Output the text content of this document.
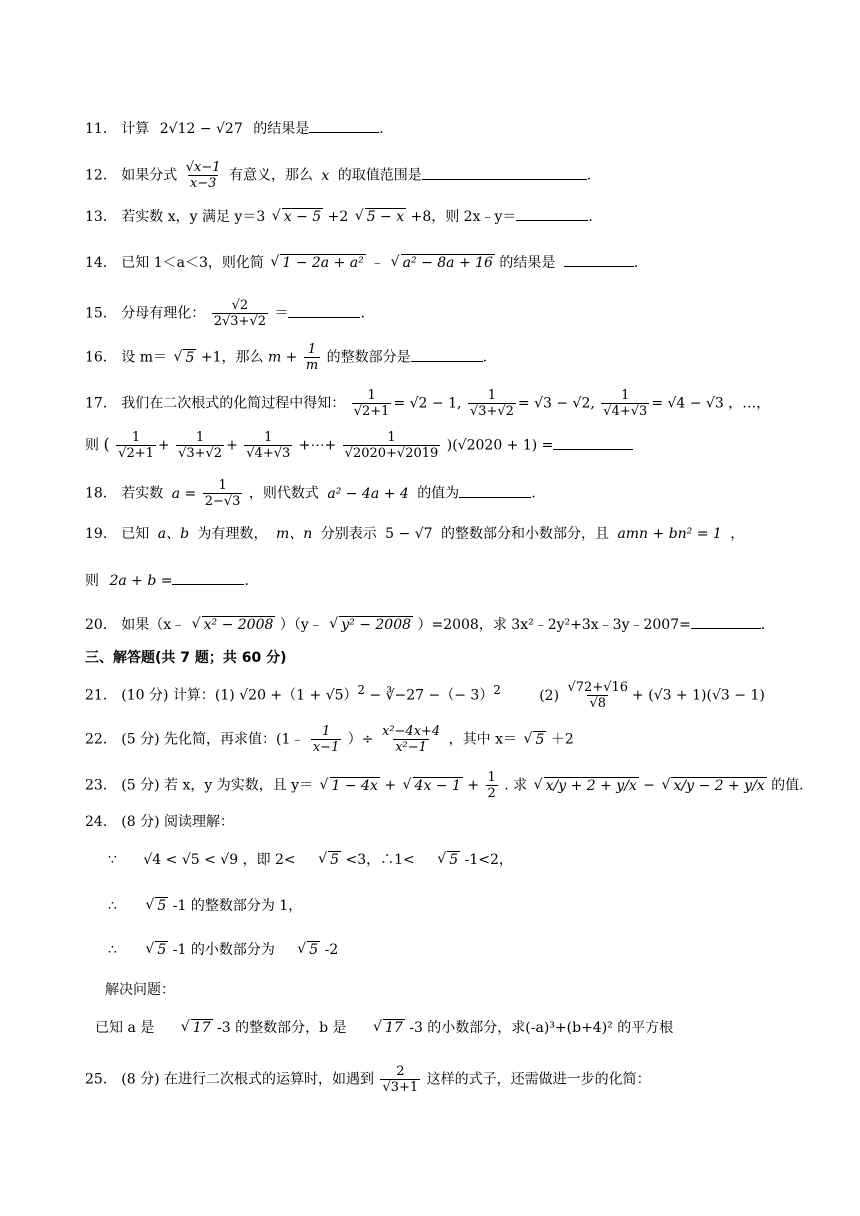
11． 计算 2√12 − √27 的结果是	.
12． 如果分式 $\frac{√x-1}{x-3}$ 有意义，那么 x 的取值范围是	.
13． 若实数 x，y 满足 y＝3 √ x − 5 +2 √ 5 − x +8，则 2x﹣y＝	.
14． 已知 1＜a＜3，则化简 √ 1 − 2a + a² ﹣ √ a² − 8a + 16 的结果是	.
15． 分母有理化： $\frac{√2}{2√3+√2}$ ＝	.
16． 设 m＝ √ 5 +1，那么 $m + \frac{1}{m}$ 的整数部分是	.
17． 我们在二次根式的化简过程中得知： $\frac{1}{√2+1} = √2 - 1$, $\frac{1}{√3+√2} = √3 - √2$, $\frac{1}{√4+√3} = √4 - √3$ ，…，
则 ( $\frac{1}{√2+1} + \frac{1}{√3+√2} + \frac{1}{√4+√3}$ +⋯+ $\frac{1}{√2020+√2019} )(√2020 + 1)$ =
18． 若实数 $a = \frac{1}{2-√3}$ ，则代数式 a² − 4a + 4 的值为	.
19． 已知 a、b 为有理数， m、n 分别表示 5 − √7 的整数部分和小数部分，且 amn + bn² = 1 ，
则 2a + b =	.
20． 如果（x﹣ √ x² − 2008 ）（y﹣ √ y² − 2008 ）=2008，求 3x²﹣2y²+3x﹣3y﹣2007=	.
三、解答题(共 7 题；共 60 分)
21． (10 分) 计算：(1) $√20 +(1 + √5)^2$ − ∛−27 −（− 3）$^2$	$(2) \frac{√72+√16}{√8} + (√3 + 1)(√3 - 1)$
22． (5 分) 先化简，再求值：(1﹣ $\frac{1}{x-1}$ ）÷ $\frac{\text{x²−4x+4}}{\text{x²−1}}$ ，其中 x＝ √ 5 ＋2
23． (5 分) 若 x，y 为实数，且 y＝ √ 1 − 4x + √ $4x - 1 + \frac{1}{2}$ . 求 √ x/y + 2 + y/x − √ x/y − 2 + y/x 的值.
24． (8 分) 阅读理解：
∵ √4 < √5 < √9 ，即 2< √ 5 <3，∴1< √ 5 -1<2，
∴	√ 5 -1 的整数部分为 1，
∴	√ 5 -1 的小数部分为 √ 5 -2
解决问题：
已知 a 是	√ 17 -3 的整数部分，b 是	√ 17 -3 的小数部分，求(-a)³+(b+4)² 的平方根
25． (8 分) 在进行二次根式的运算时，如遇到 $\frac{2}{√3+1}$ 这样的式子，还需做进一步的化简：
